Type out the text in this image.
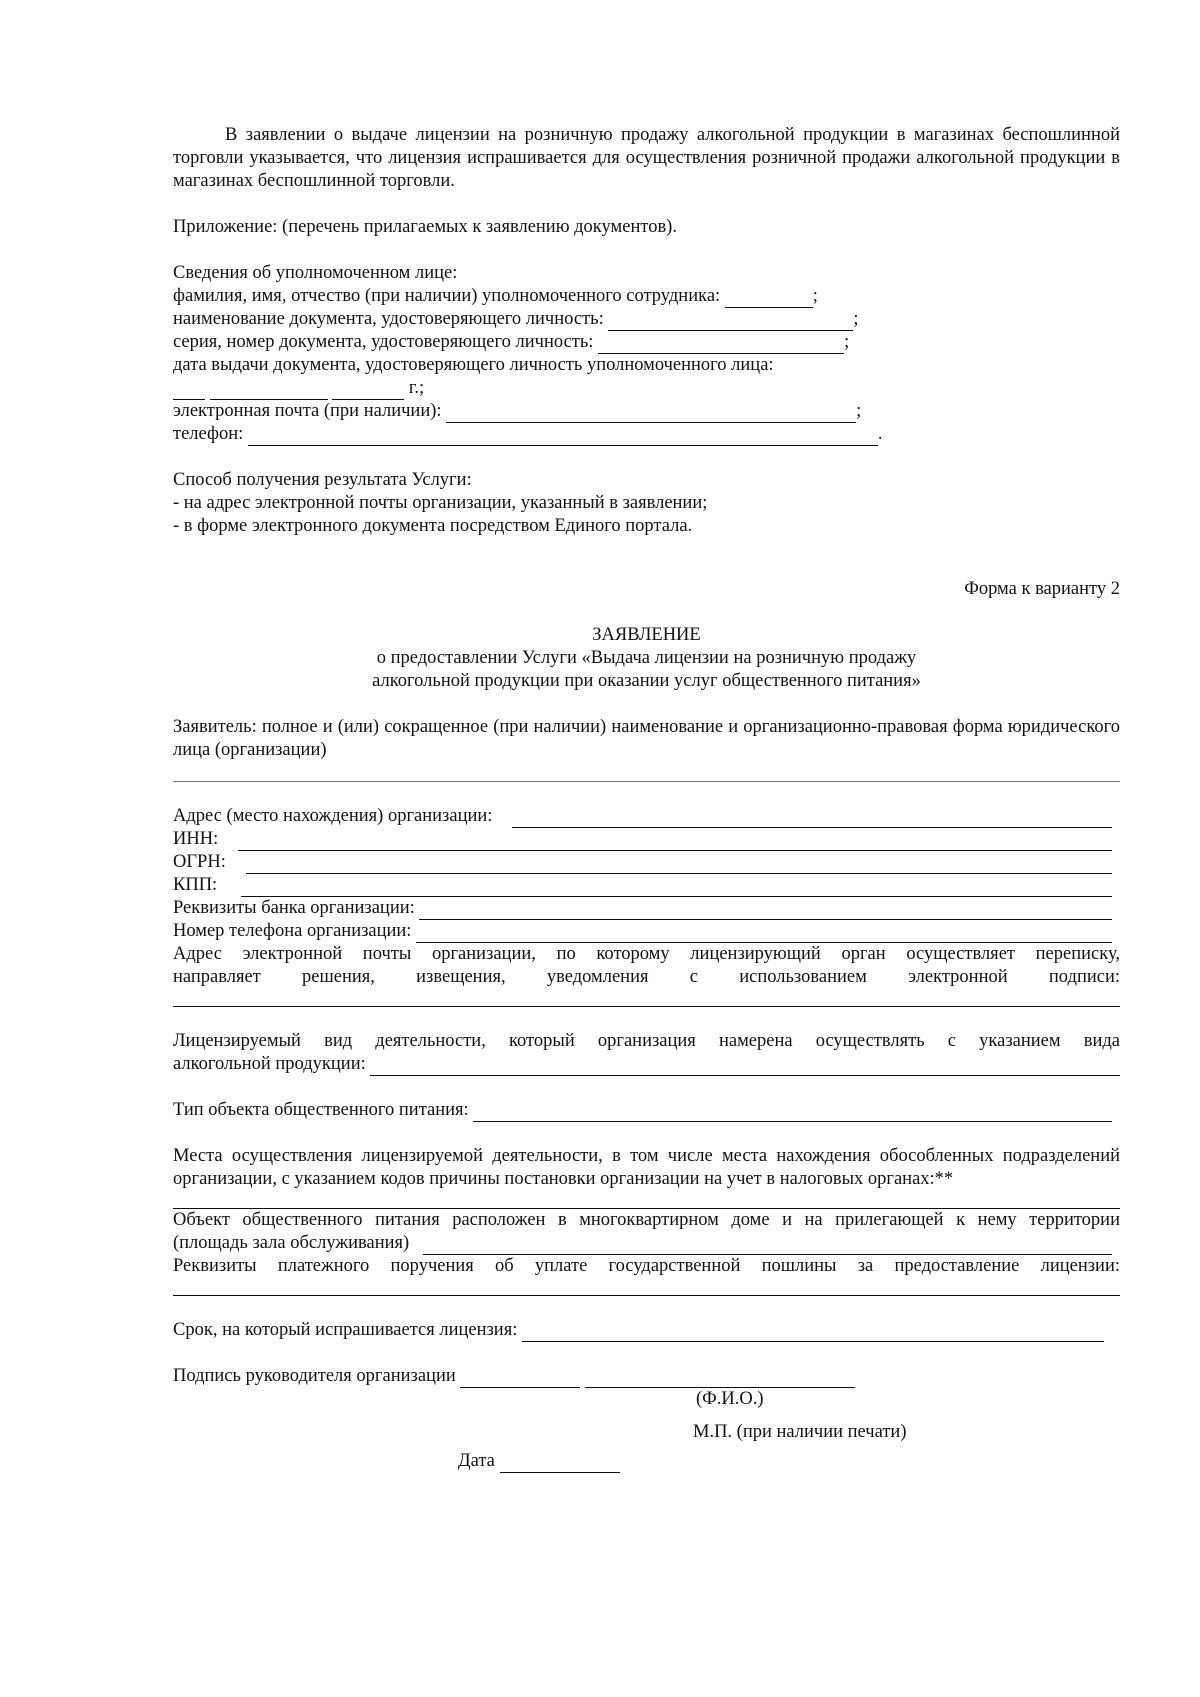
В заявлении о выдаче лицензии на розничную продажу алкогольной продукции в магазинах беспошлинной торговли указывается, что лицензия испрашивается для осуществления розничной продажи алкогольной продукции в магазинах беспошлинной торговли.

Приложение: (перечень прилагаемых к заявлению документов).

Сведения об уполномоченном лице:
фамилия, имя, отчество (при наличии) уполномоченного сотрудника:
	;
наименование документа, удостоверяющего личность:
	;
серия, номер документа, удостоверяющего личность:
	;
дата выдачи документа, удостоверяющего личность уполномоченного лица:

г.;
электронная почта (при наличии):
	;
телефон:
	.
Способ получения результата Услуги:
- на адрес электронной почты организации, указанный в заявлении;
- в форме электронного документа посредством Единого портала.
Форма к варианту 2
ЗАЯВЛЕНИЕ
о предоставлении Услуги «Выдача лицензии на розничную продажу
алкогольной продукции при оказании услуг общественного питания»

Заявитель: полное и (или) сокращенное (при наличии) наименование и организационно-правовая форма юридического лица (организации)

Адрес (место нахождения) организации:
ИНН:
ОГРН:
КПП:
Реквизиты банка организации:

Номер телефона организации:

Адрес электронной почты организации, по которому лицензирующий орган осуществляет переписку,
направляет решения, извещения, уведомления с использованием электронной подписи:
Лицензируемый вид деятельности, который организация намерена осуществлять с указанием вида
алкогольной продукции:

Тип объекта общественного питания:

Места осуществления лицензируемой деятельности, в том числе места нахождения обособленных подразделений организации, с указанием кодов причины постановки организации на учет в налоговых органах:**

Объект общественного питания расположен в многоквартирном доме и на прилегающей к нему территории
(площадь зала обслуживания)

Реквизиты платежного поручения об уплате государственной пошлины за предоставление лицензии:
Срок, на который испрашивается лицензия:

Подпись руководителя организации

(Ф.И.О.)
М.П. (при наличии печати)
Дата
